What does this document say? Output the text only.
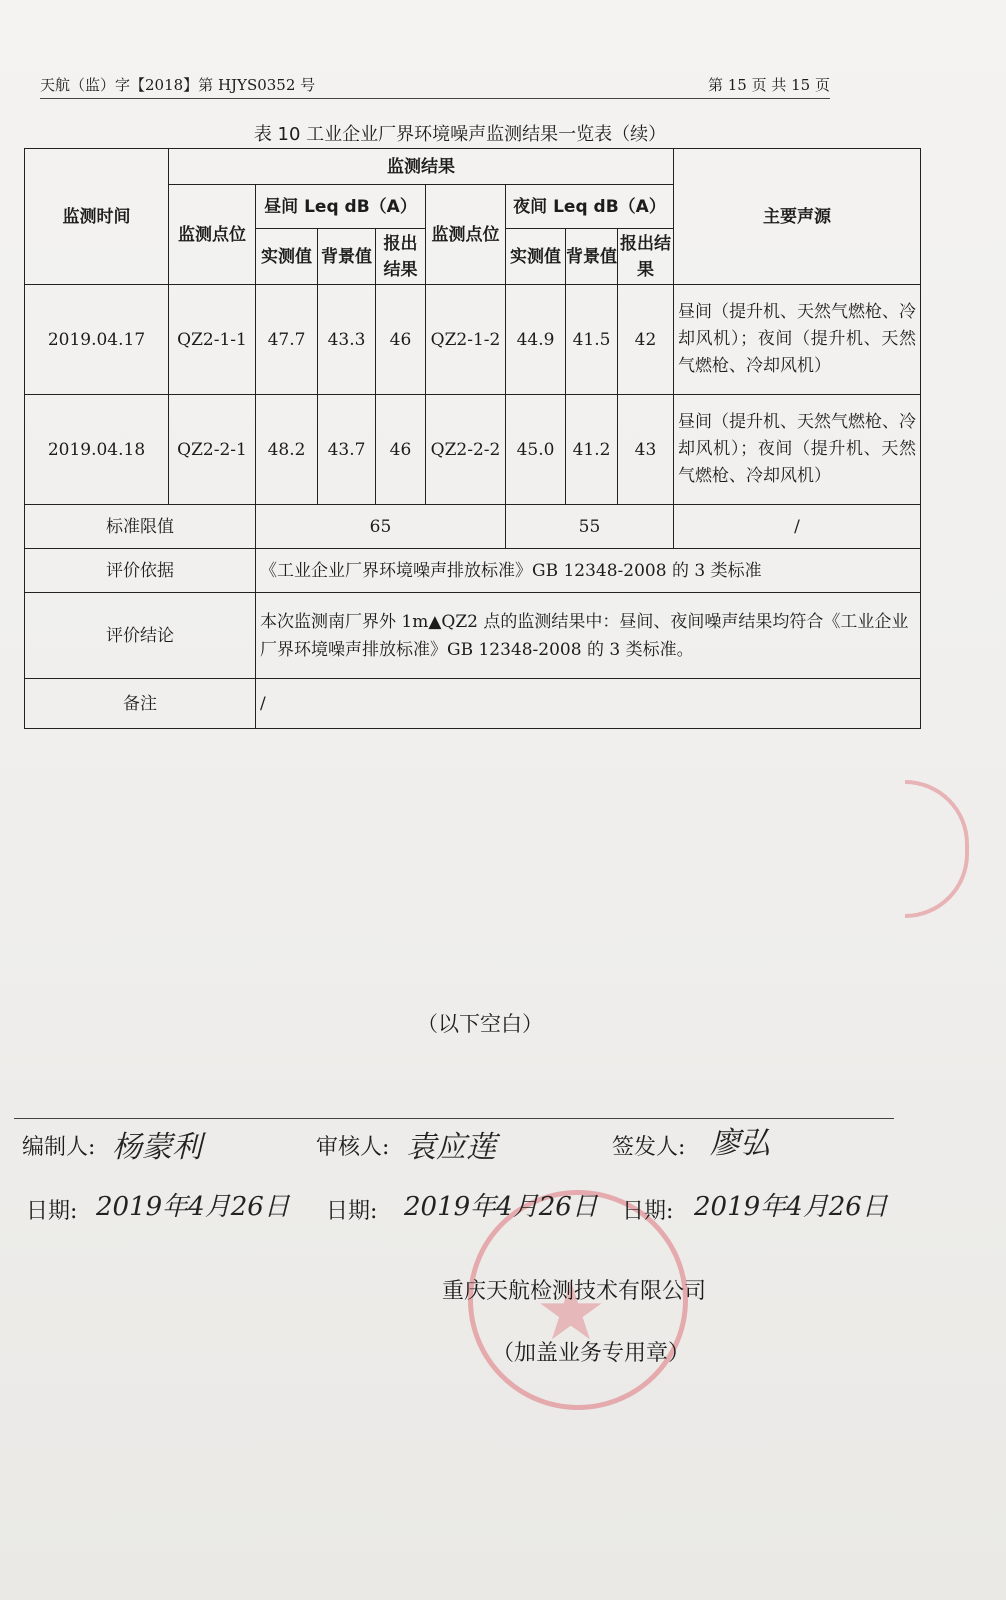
天航（监）字【2018】第 HJYS0352 号	第 15 页 共 15 页
表 10 工业企业厂界环境噪声监测结果一览表（续）
监测时间	监测结果								主要声源
	监测点位	昼间 Leq dB（A）			监测点位	夜间 Leq dB（A）			
		实测值	背景值	报出结果		实测值	背景值	报出结果	
2019.04.17	QZ2-1-1	47.7	43.3	46	QZ2-1-2	44.9	41.5	42	昼间（提升机、天然气燃枪、冷却风机）；夜间（提升机、天然气燃枪、冷却风机）
2019.04.18	QZ2-2-1	48.2	43.7	46	QZ2-2-2	45.0	41.2	43	昼间（提升机、天然气燃枪、冷却风机）；夜间（提升机、天然气燃枪、冷却风机）
标准限值		65				55			/
评价依据		《工业企业厂界环境噪声排放标准》GB 12348-2008 的 3 类标准							
评价结论		本次监测南厂界外 1m▲QZ2 点的监测结果中：昼间、夜间噪声结果均符合《工业企业厂界环境噪声排放标准》GB 12348-2008 的 3 类标准。							
备注		/							
（以下空白）
★
编制人: 杨蒙利	审核人: 袁应莲	签发人: 廖弘
日期: 2019年4月26日 日期: 2019年4月26日 日期: 2019年4月26日
重庆天航检测技术有限公司
（加盖业务专用章）
